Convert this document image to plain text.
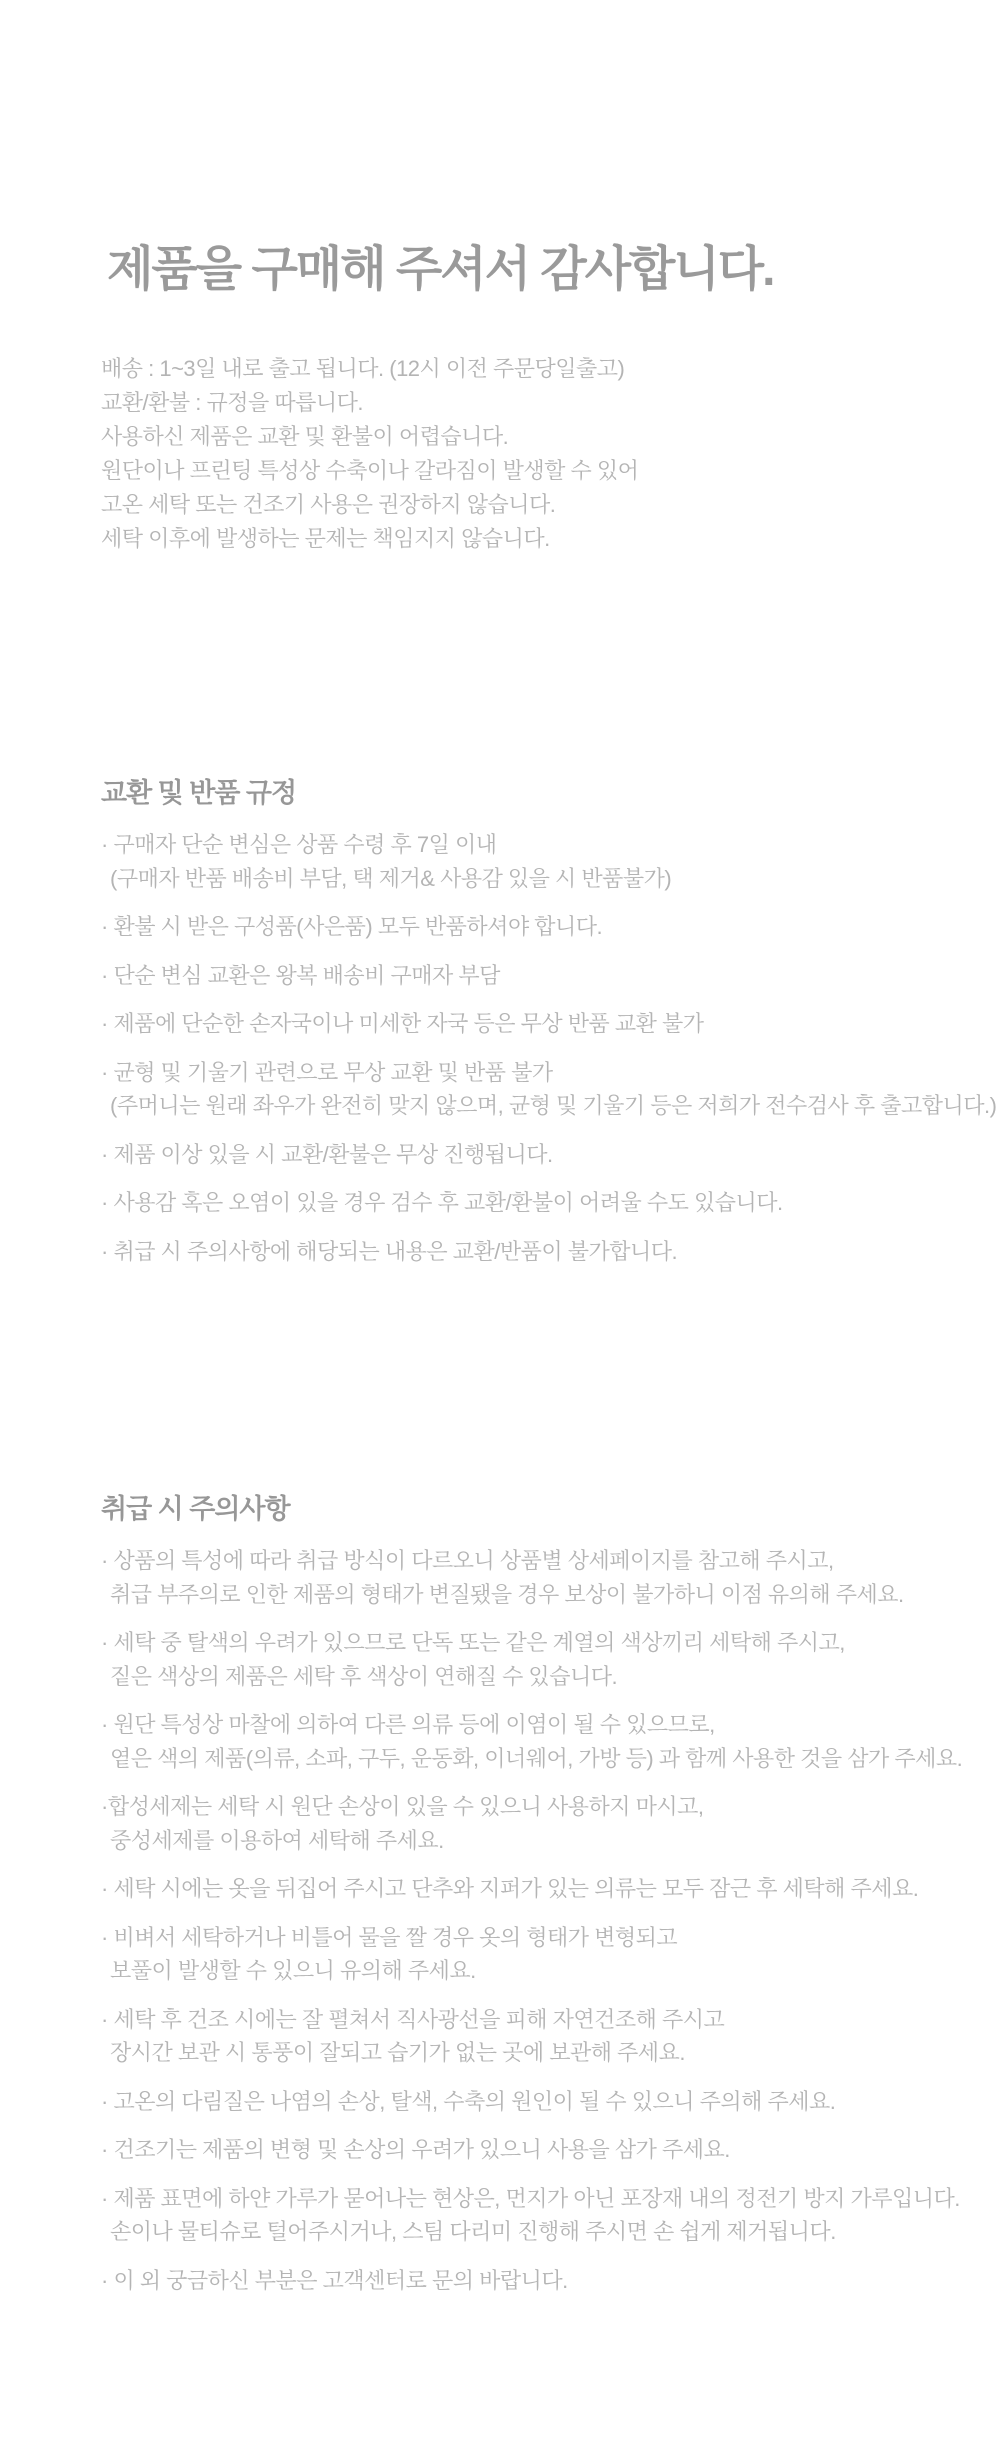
제품을 구매해 주셔서 감사합니다.
배송 : 1~3일 내로 출고 됩니다. (12시 이전 주문당일출고)
교환/환불 : 규정을 따릅니다.
사용하신 제품은 교환 및 환불이 어렵습니다.
원단이나 프린팅 특성상 수축이나 갈라짐이 발생할 수 있어
고온 세탁 또는 건조기 사용은 권장하지 않습니다.
세탁 이후에 발생하는 문제는 책임지지 않습니다.
교환 및 반품 규정
· 구매자 단순 변심은 상품 수령 후 7일 이내
(구매자 반품 배송비 부담, 택 제거& 사용감 있을 시 반품불가)
· 환불 시 받은 구성품(사은품) 모두 반품하셔야 합니다.
· 단순 변심 교환은 왕복 배송비 구매자 부담
· 제품에 단순한 손자국이나 미세한 자국 등은 무상 반품 교환 불가
· 균형 및 기울기 관련으로 무상 교환 및 반품 불가
(주머니는 원래 좌우가 완전히 맞지 않으며, 균형 및 기울기 등은 저희가 전수검사 후 출고합니다.)
· 제품 이상 있을 시 교환/환불은 무상 진행됩니다.
· 사용감 혹은 오염이 있을 경우 검수 후 교환/환불이 어려울 수도 있습니다.
· 취급 시 주의사항에 해당되는 내용은 교환/반품이 불가합니다.
취급 시 주의사항
· 상품의 특성에 따라 취급 방식이 다르오니 상품별 상세페이지를 참고해 주시고,
취급 부주의로 인한 제품의 형태가 변질됐을 경우 보상이 불가하니 이점 유의해 주세요.
· 세탁 중 탈색의 우려가 있으므로 단독 또는 같은 계열의 색상끼리 세탁해 주시고,
짙은 색상의 제품은 세탁 후 색상이 연해질 수 있습니다.
· 원단 특성상 마찰에 의하여 다른 의류 등에 이염이 될 수 있으므로,
옅은 색의 제품(의류, 소파, 구두, 운동화, 이너웨어, 가방 등) 과 함께 사용한 것을 삼가 주세요.
·합성세제는 세탁 시 원단 손상이 있을 수 있으니 사용하지 마시고,
중성세제를 이용하여 세탁해 주세요.
· 세탁 시에는 옷을 뒤집어 주시고 단추와 지퍼가 있는 의류는 모두 잠근 후 세탁해 주세요.
· 비벼서 세탁하거나 비틀어 물을 짤 경우 옷의 형태가 변형되고
보풀이 발생할 수 있으니 유의해 주세요.
· 세탁 후 건조 시에는 잘 펼쳐서 직사광선을 피해 자연건조해 주시고
장시간 보관 시 통풍이 잘되고 습기가 없는 곳에 보관해 주세요.
· 고온의 다림질은 나염의 손상, 탈색, 수축의 원인이 될 수 있으니 주의해 주세요.
· 건조기는 제품의 변형 및 손상의 우려가 있으니 사용을 삼가 주세요.
· 제품 표면에 하얀 가루가 묻어나는 현상은, 먼지가 아닌 포장재 내의 정전기 방지 가루입니다.
손이나 물티슈로 털어주시거나, 스팀 다리미 진행해 주시면 손 쉽게 제거됩니다.
· 이 외 궁금하신 부분은 고객센터로 문의 바랍니다.
